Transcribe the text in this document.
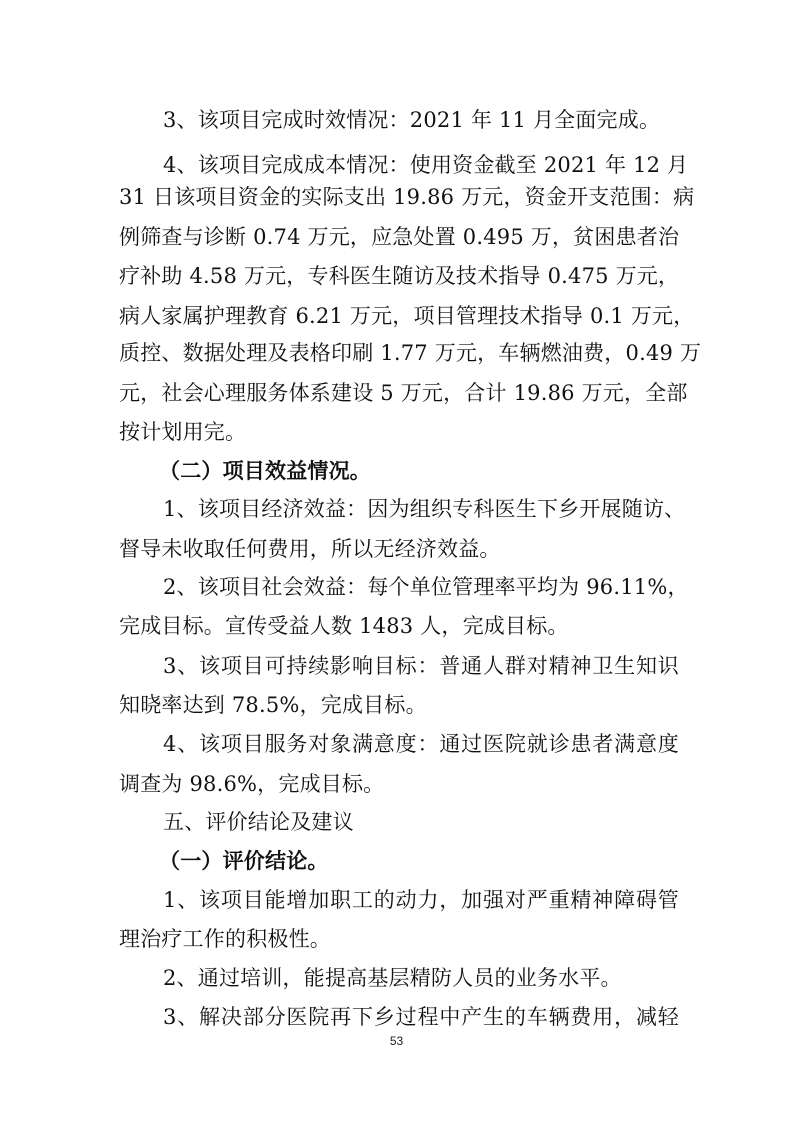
3、该项目完成时效情况：2021 年 11 月全面完成。
4、该项目完成成本情况：使用资金截至 2021 年 12 月
31 日该项目资金的实际支出 19.86 万元，资金开支范围：病
例筛查与诊断 0.74 万元，应急处置 0.495 万，贫困患者治
疗补助 4.58 万元，专科医生随访及技术指导 0.475 万元，
病人家属护理教育 6.21 万元，项目管理技术指导 0.1 万元，
质控、数据处理及表格印刷 1.77 万元，车辆燃油费，0.49 万
元，社会心理服务体系建设 5 万元，合计 19.86 万元，全部
按计划用完。
（二）项目效益情况。
1、该项目经济效益：因为组织专科医生下乡开展随访、
督导未收取任何费用，所以无经济效益。
2、该项目社会效益：每个单位管理率平均为 96.11%，
完成目标。宣传受益人数 1483 人，完成目标。
3、该项目可持续影响目标：普通人群对精神卫生知识
知晓率达到 78.5%，完成目标。
4、该项目服务对象满意度：通过医院就诊患者满意度
调查为 98.6%，完成目标。
五、评价结论及建议
（一）评价结论。
1、该项目能增加职工的动力，加强对严重精神障碍管
理治疗工作的积极性。
2、通过培训，能提高基层精防人员的业务水平。
3、解决部分医院再下乡过程中产生的车辆费用，减轻
53
